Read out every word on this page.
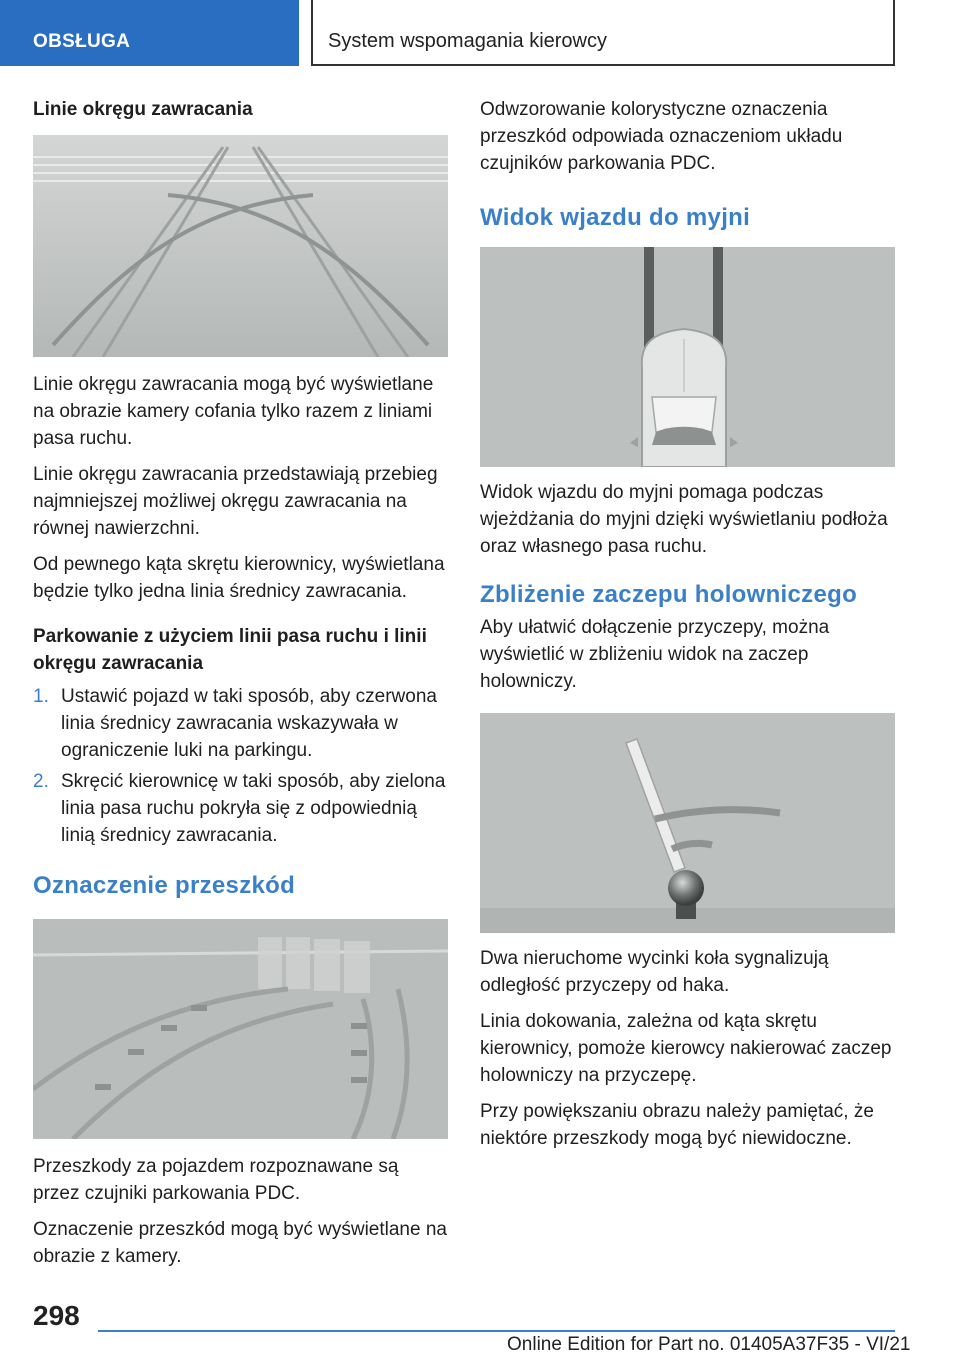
OBSŁUGA	System wspomagania kierowcy
Linie okręgu zawracania

Linie okręgu zawracania mogą być wyświetlane na obrazie kamery cofania tylko razem z liniami pasa ruchu.

Linie okręgu zawracania przedstawiają przebieg najmniejszej możliwej okręgu zawracania na równej nawierzchni.

Od pewnego kąta skrętu kierownicy, wyświetlana będzie tylko jedna linia średnicy zawracania.

Parkowanie z użyciem linii pasa ruchu i linii okręgu zawracania
1. Ustawić pojazd w taki sposób, aby czerwona linia średnicy zawracania wskazywała w ograniczenie luki na parkingu.
2. Skręcić kierownicę w taki sposób, aby zielona linia pasa ruchu pokryła się z odpowiednią linią średnicy zawracania.
Oznaczenie przeszkód

Przeszkody za pojazdem rozpoznawane są przez czujniki parkowania PDC.

Oznaczenie przeszkód mogą być wyświetlane na obrazie z kamery.

Odwzorowanie kolorystyczne oznaczenia przeszkód odpowiada oznaczeniom układu czujników parkowania PDC.

Widok wjazdu do myjni

Widok wjazdu do myjni pomaga podczas wjeżdżania do myjni dzięki wyświetlaniu podłoża oraz własnego pasa ruchu.

Zbliżenie zaczepu holowniczego

Aby ułatwić dołączenie przyczepy, można wyświetlić w zbliżeniu widok na zaczep holowniczy.

Dwa nieruchome wycinki koła sygnalizują odległość przyczepy od haka.

Linia dokowania, zależna od kąta skrętu kierownicy, pomoże kierowcy nakierować zaczep holowniczy na przyczepę.

Przy powiększaniu obrazu należy pamiętać, że niektóre przeszkody mogą być niewidoczne.

298
Online Edition for Part no. 01405A37F35 - VI/21
